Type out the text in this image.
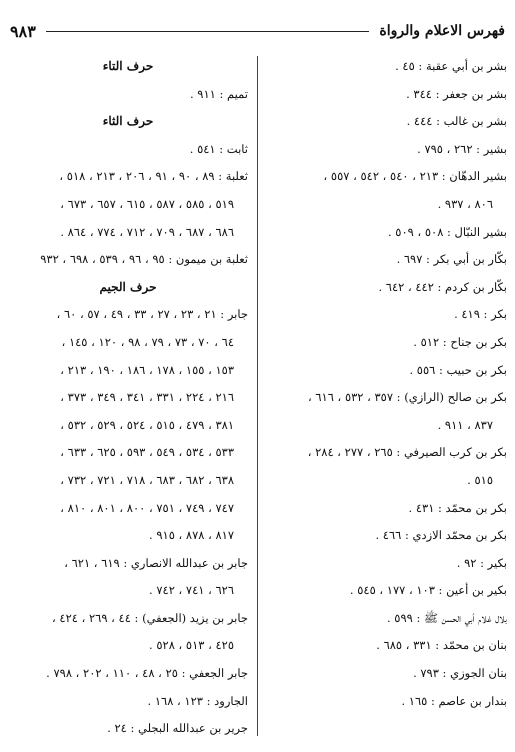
فهرس الاعلام والرواة
٩٨٣
بشر بن أبي عقبة : ٤٥ .
بشر بن جعفر : ٣٤٤ .
بشر بن غالب : ٤٤٤ .
بشير : ٢٦٢ ، ٧٩٥ .
بشير الدهّان : ٢١٣ ، ٥٤٠ ، ٥٤٢ ، ٥٥٧ ،
٨٠٦ ، ٩٣٧ .
بشير النبّال : ٥٠٨ ، ٥٠٩ .
بكّار بن أبي بكر : ٦٩٧ .
بكّار بن كردم : ٤٤٢ ، ٦٤٢ .
بكر : ٤١٩ .
بكر بن جناح : ٥١٢ .
بكر بن حبيب : ٥٥٦ .
بكر بن صالح (الرازي) : ٣٥٧ ، ٥٣٢ ، ٦١٦ ،
٨٣٧ ، ٩١١ .
بكر بن كرب الصيرفي : ٢٦٥ ، ٢٧٧ ، ٢٨٤ ،
٥١٥ .
بكر بن محمّد : ٤٣١ .
بكر بن محمّد الازدي : ٤٦٦ .
بكير : ٩٢ .
بكير بن أعين : ١٠٣ ، ١٧٧ ، ٥٤٥ .
بلال غلام أبي الحسن ﷺ : ٥٩٩ .
بنان بن محمّد : ٣٣١ ، ٦٨٥ .
بنان الجوزي : ٧٩٣ .
بندار بن عاصم : ١٦٥ .
حرف التاء
تميم : ٩١١ .
حرف الثاء
ثابت : ٥٤١ .
ثعلبة : ٨٩ ، ٩٠ ، ٩١ ، ٢٠٦ ، ٢١٣ ، ٥١٨ ،
٥١٩ ، ٥٨٥ ، ٥٨٧ ، ٦١٥ ، ٦٥٧ ، ٦٧٣ ،
٦٨٦ ، ٦٨٧ ، ٧٠٩ ، ٧١٢ ، ٧٧٤ ، ٨٦٤ .
ثعلبة بن ميمون : ٩٥ ، ٩٦ ، ٥٣٩ ، ٦٩٨ ، ٩٣٢
حرف الجيم
جابر : ٢١ ، ٢٣ ، ٢٧ ، ٣٣ ، ٤٩ ، ٥٧ ، ٦٠ ،
٦٤ ، ٧٠ ، ٧٣ ، ٧٩ ، ٩٨ ، ١٢٠ ، ١٤٥ ،
١٥٣ ، ١٥٥ ، ١٧٨ ، ١٨٦ ، ١٩٠ ، ٢١٣ ،
٢١٦ ، ٢٢٤ ، ٣٣١ ، ٣٤١ ، ٣٤٩ ، ٣٧٣ ،
٣٨١ ، ٤٧٩ ، ٥١٥ ، ٥٢٤ ، ٥٢٩ ، ٥٣٢ ،
٥٣٣ ، ٥٣٤ ، ٥٤٩ ، ٥٩٣ ، ٦٢٥ ، ٦٣٣ ،
٦٣٨ ، ٦٨٢ ، ٦٨٣ ، ٧١٨ ، ٧٢١ ، ٧٣٢ ،
٧٤٧ ، ٧٤٩ ، ٧٥١ ، ٨٠٠ ، ٨٠١ ، ٨١٠ ،
٨١٧ ، ٨٧٨ ، ٩١٥ .
جابر بن عبدالله الانصاري : ٦١٩ ، ٦٢١ ،
٦٢٦ ، ٧٤١ ، ٧٤٢ .
جابر بن يزيد (الجعفي) : ٤٤ ، ٢٦٩ ، ٤٢٤ ،
٤٢٥ ، ٥١٣ ، ٥٢٨ .
جابر الجعفي : ٢٥ ، ٤٨ ، ١١٠ ، ٢٠٢ ، ٧٩٨ .
الجارود : ١٢٣ ، ١٦٨ .
جرير بن عبدالله البجلي : ٢٤ .
